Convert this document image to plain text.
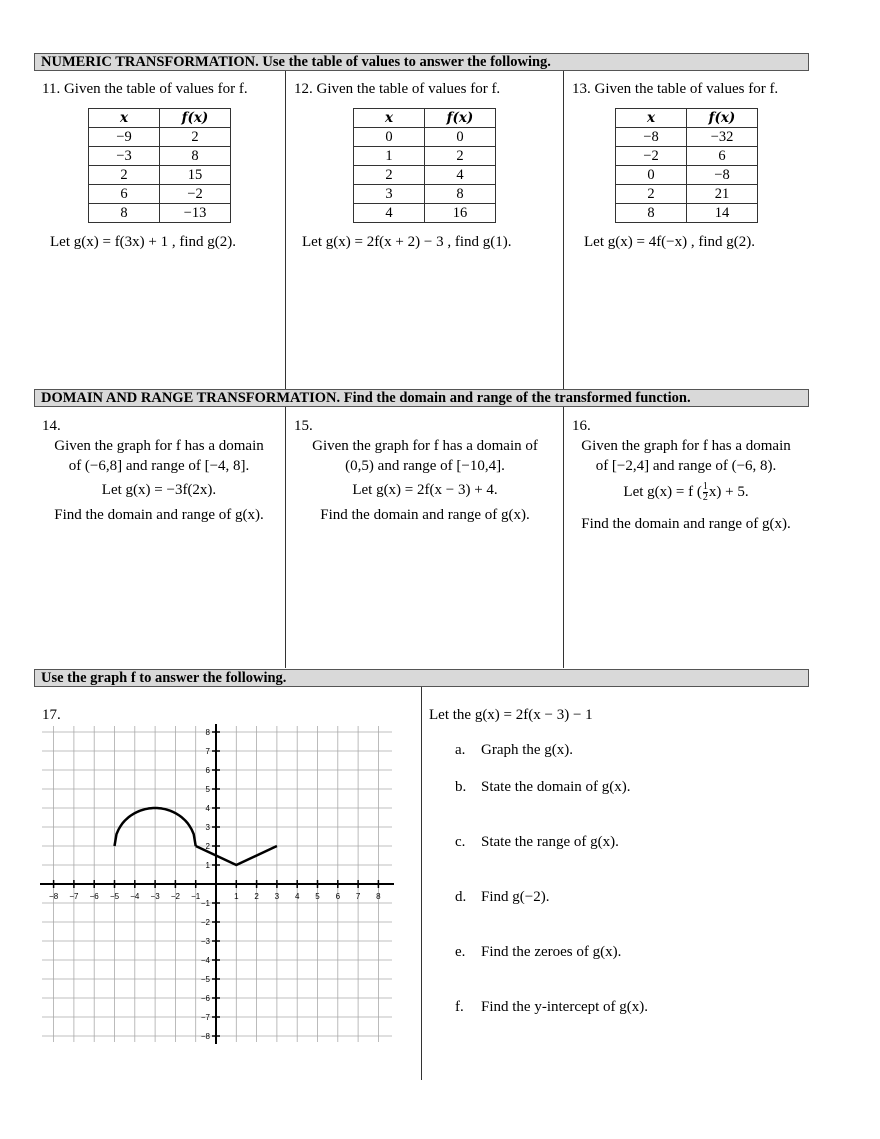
NUMERIC TRANSFORMATION. Use the table of values to answer the following.
11. Given the table of values for f.
x	f(x)
−9	2
−3	8
2	15
6	−2
8	−13
Let g(x) = f(3x) + 1 , find g(2).
12. Given the table of values for f.
x	f(x)
0	0
1	2
2	4
3	8
4	16
Let g(x) = 2f(x + 2) − 3 , find g(1).
13. Given the table of values for f.
x	f(x)
−8	−32
−2	6
0	−8
2	21
8	14
Let g(x) = 4f(−x) , find g(2).
DOMAIN AND RANGE TRANSFORMATION. Find the domain and range of the transformed function.
14.
Given the graph for f has a domain
of (−6,8] and range of [−4, 8].
Let g(x) = −3f(2x).
Find the domain and range of g(x).
15.
Given the graph for f has a domain of
(0,5) and range of [−10,4].
Let g(x) = 2f(x − 3) + 4.
Find the domain and range of g(x).
16.
Given the graph for f has a domain
of [−2,4] and range of (−6, 8).
Let g(x) = f ( $\frac{1}{2} x) + 5$.
Find the domain and range of g(x).
Use the graph f to answer the following.
17.
−8 −7 −6 −5 −4 −3 −2 −1	1 2 3 4 5 6 7 8
8
7
6
5
4
3
2
1
−1
−2
−3
−4
−5
−6
−7
−8
Let the g(x) = 2f(x − 3) − 1
a. Graph the g(x).
b. State the domain of g(x).
c. State the range of g(x).
d. Find g(−2).
e. Find the zeroes of g(x).
f. Find the y-intercept of g(x).
